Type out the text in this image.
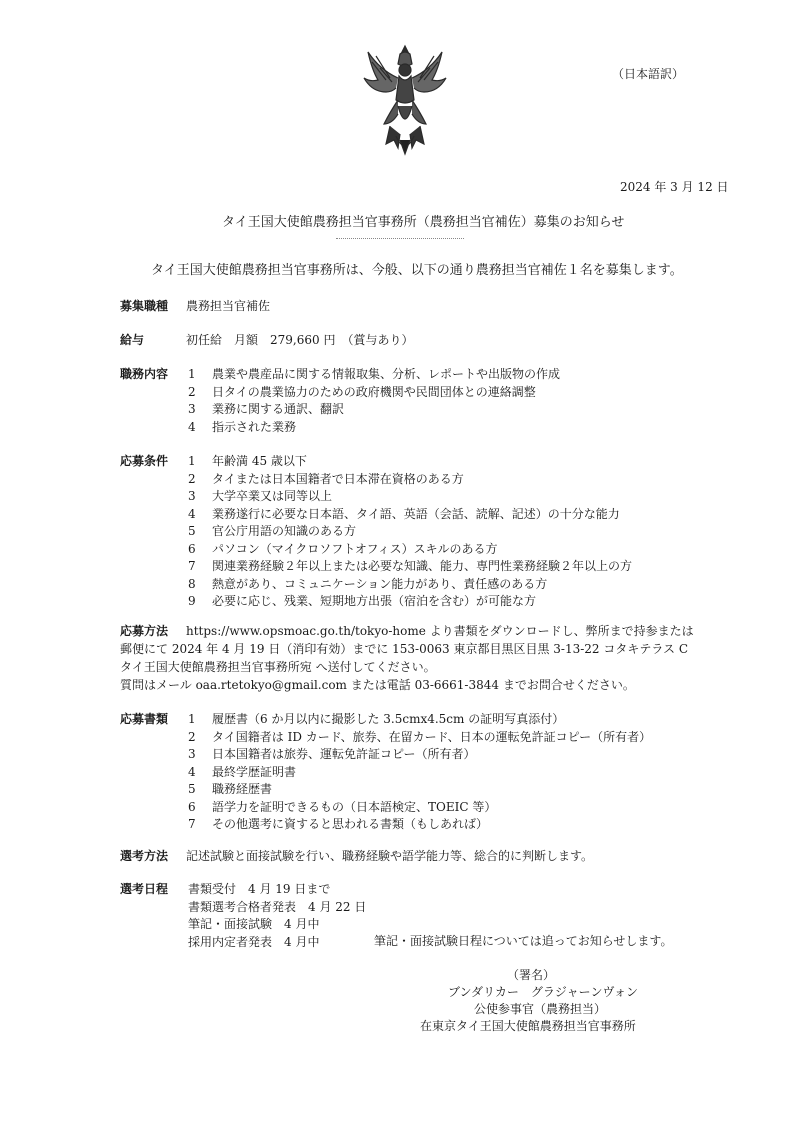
（日本語訳）
2024 年 3 月 12 日
タイ王国大使館農務担当官事務所（農務担当官補佐）募集のお知らせ
タイ王国大使館農務担当官事務所は、今般、以下の通り農務担当官補佐１名を募集します。
募集職種 農務担当官補佐
給与	初任給　月額　279,660 円　（賞与あり）
職務内容 1 農業や農産品に関する情報取集、分析、レポートや出版物の作成
2 日タイの農業協力のための政府機関や民間団体との連絡調整
3 業務に関する通訳、翻訳
4 指示された業務
応募条件 1 年齢満 45 歳以下
2 タイまたは日本国籍者で日本滞在資格のある方
3 大学卒業又は同等以上
4 業務遂行に必要な日本語、タイ語、英語（会話、読解、記述）の十分な能力
5 官公庁用語の知識のある方
6 パソコン（マイクロソフトオフィス）スキルのある方
7 関連業務経験２年以上または必要な知識、能力、専門性業務経験２年以上の方
8 熱意があり、コミュニケーション能力があり、責任感のある方
9 必要に応じ、残業、短期地方出張（宿泊を含む）が可能な方
応募方法 https://www.opsmoac.go.th/tokyo-home より書類をダウンロードし、弊所まで持参または
郵便にて 2024 年 4 月 19 日（消印有効）までに 153-0063 東京都目黒区目黒 3-13-22 コタキテラス C
タイ王国大使館農務担当官事務所宛 へ送付してください。
質問はメール oaa.rtetokyo@gmail.com または電話 03-6661-3844 までお問合せください。
応募書類 1 履歴書（6 か月以内に撮影した 3.5cmx4.5cm の証明写真添付）
2 タイ国籍者は ID カード、旅券、在留カード、日本の運転免許証コピー（所有者）
3 日本国籍者は旅券、運転免許証コピー（所有者）
4 最終学歴証明書
5 職務経歴書
6 語学力を証明できるもの（日本語検定、TOEIC 等）
7 その他選考に資すると思われる書類（もしあれば）
選考方法 記述試験と面接試験を行い、職務経験や語学能力等、総合的に判断します。
選考日程 書類受付　4 月 19 日まで
書類選考合格者発表　4 月 22 日
筆記・面接試験　4 月中
採用内定者発表　4 月中	筆記・面接試験日程については追ってお知らせします。
（署名）
ブンダリカー　グラジャーンヴォン
公使参事官（農務担当）
在東京タイ王国大使館農務担当官事務所
